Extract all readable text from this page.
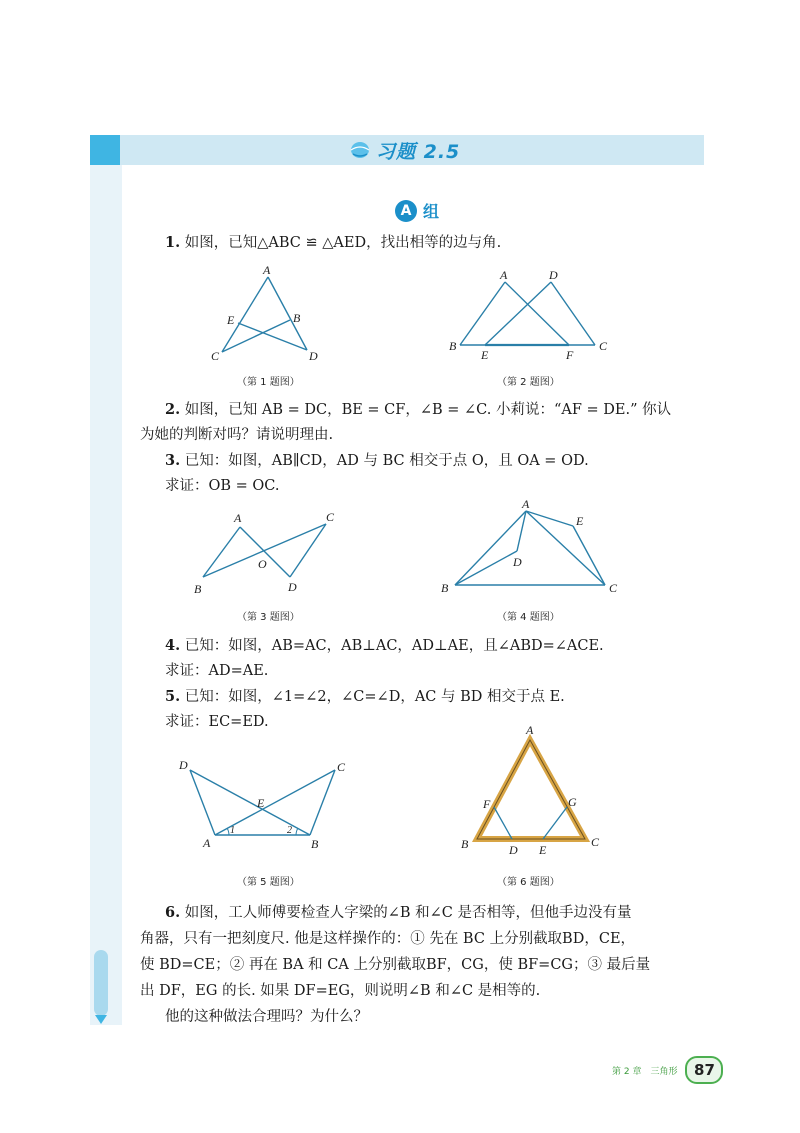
习题 2.5
A 组
1. 如图，已知△ABC ≌ △AED，找出相等的边与角.
A
C	D
E	B
（第 1 题图）
A	D
B	C
E	F
（第 2 题图）
2. 如图，已知 AB = DC，BE = CF，∠B = ∠C. 小莉说：“AF = DE.” 你认
为她的判断对吗？请说明理由.
3. 已知：如图，AB∥CD，AD 与 BC 相交于点 O，且 OA = OD.
求证：OB = OC.
A	C
B	D
O
（第 3 题图）
A
E
D
B	C
（第 4 题图）
4. 已知：如图，AB=AC，AB⊥AC，AD⊥AE，且∠ABD=∠ACE.
求证：AD=AE.
5. 已知：如图，∠1=∠2，∠C=∠D，AC 与 BD 相交于点 E.
求证：EC=ED.
D	C
E
A	B
1	2
（第 5 题图）
A
F	G
B	C
D E
（第 6 题图）
6. 如图，工人师傅要检查人字梁的∠B 和∠C 是否相等，但他手边没有量
角器，只有一把刻度尺. 他是这样操作的：① 先在 BC 上分别截取BD，CE，
使 BD=CE；② 再在 BA 和 CA 上分别截取BF，CG，使 BF=CG；③ 最后量
出 DF，EG 的长. 如果 DF=EG，则说明∠B 和∠C 是相等的.
他的这种做法合理吗？为什么？
第 2 章　三角形	87
